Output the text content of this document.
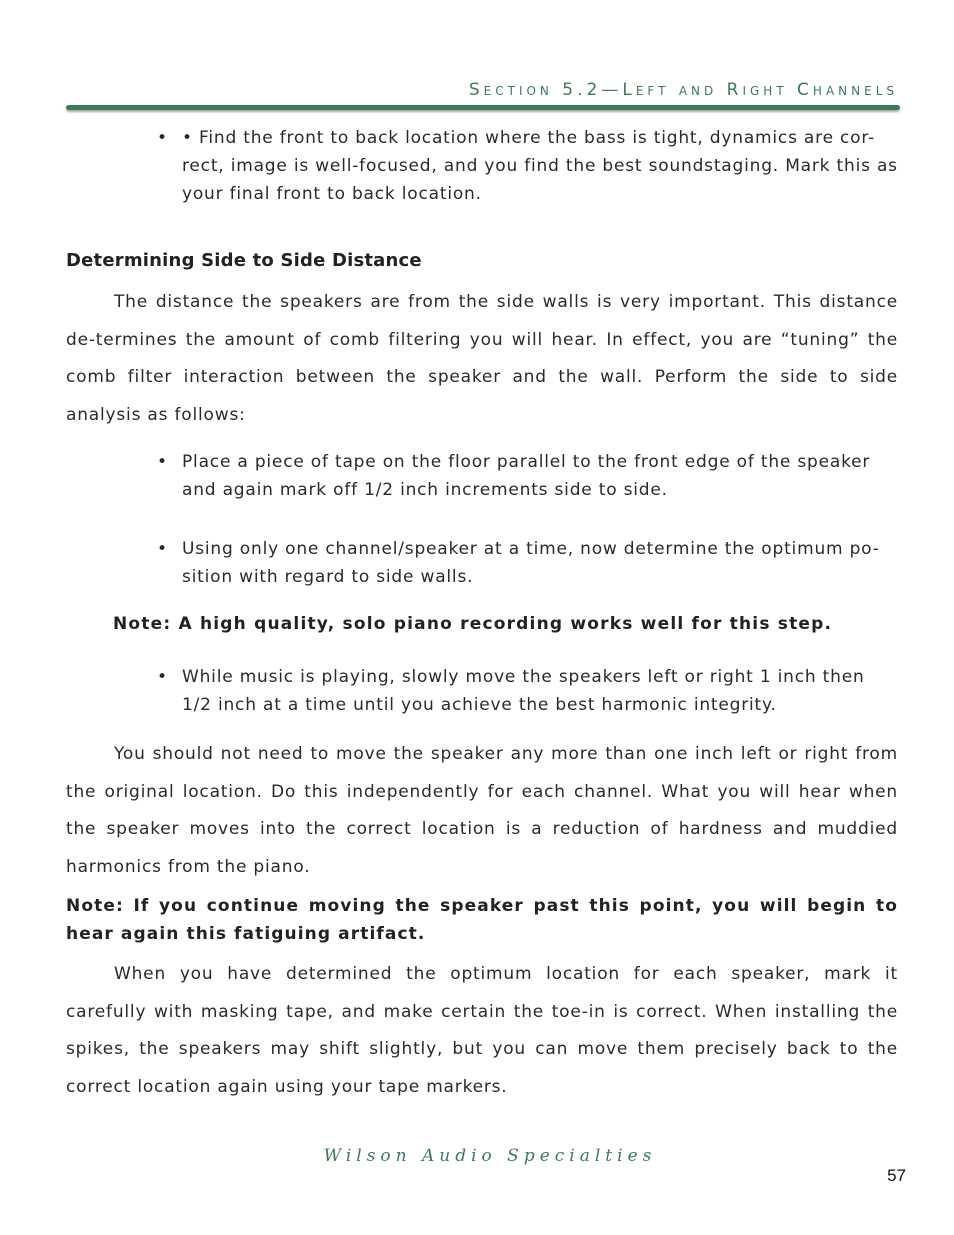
Section 5.2—Left and Right Channels
• • Find the front to back location where the bass is tight, dynamics are cor-rect, image is well-focused, and you find the best soundstaging. Mark this as your final front to back location.
Determining Side to Side Distance
The distance the speakers are from the side walls is very important. This distance de-termines the amount of comb filtering you will hear. In effect, you are “tuning” the comb filter interaction between the speaker and the wall. Perform the side to side analysis as follows:
• Place a piece of tape on the floor parallel to the front edge of the speaker and again mark off 1/2 inch increments side to side.
• Using only one channel/speaker at a time, now determine the optimum po-sition with regard to side walls.
Note: A high quality, solo piano recording works well for this step.
• While music is playing, slowly move the speakers left or right 1 inch then 1/2 inch at a time until you achieve the best harmonic integrity.
You should not need to move the speaker any more than one inch left or right from the original location. Do this independently for each channel. What you will hear when the speaker moves into the correct location is a reduction of hardness and muddied harmonics from the piano.
Note: If you continue moving the speaker past this point, you will begin to hear again this fatiguing artifact.
When you have determined the optimum location for each speaker, mark it carefully with masking tape, and make certain the toe-in is correct. When installing the spikes, the speakers may shift slightly, but you can move them precisely back to the correct location again using your tape markers.
Wilson Audio Specialties
57
